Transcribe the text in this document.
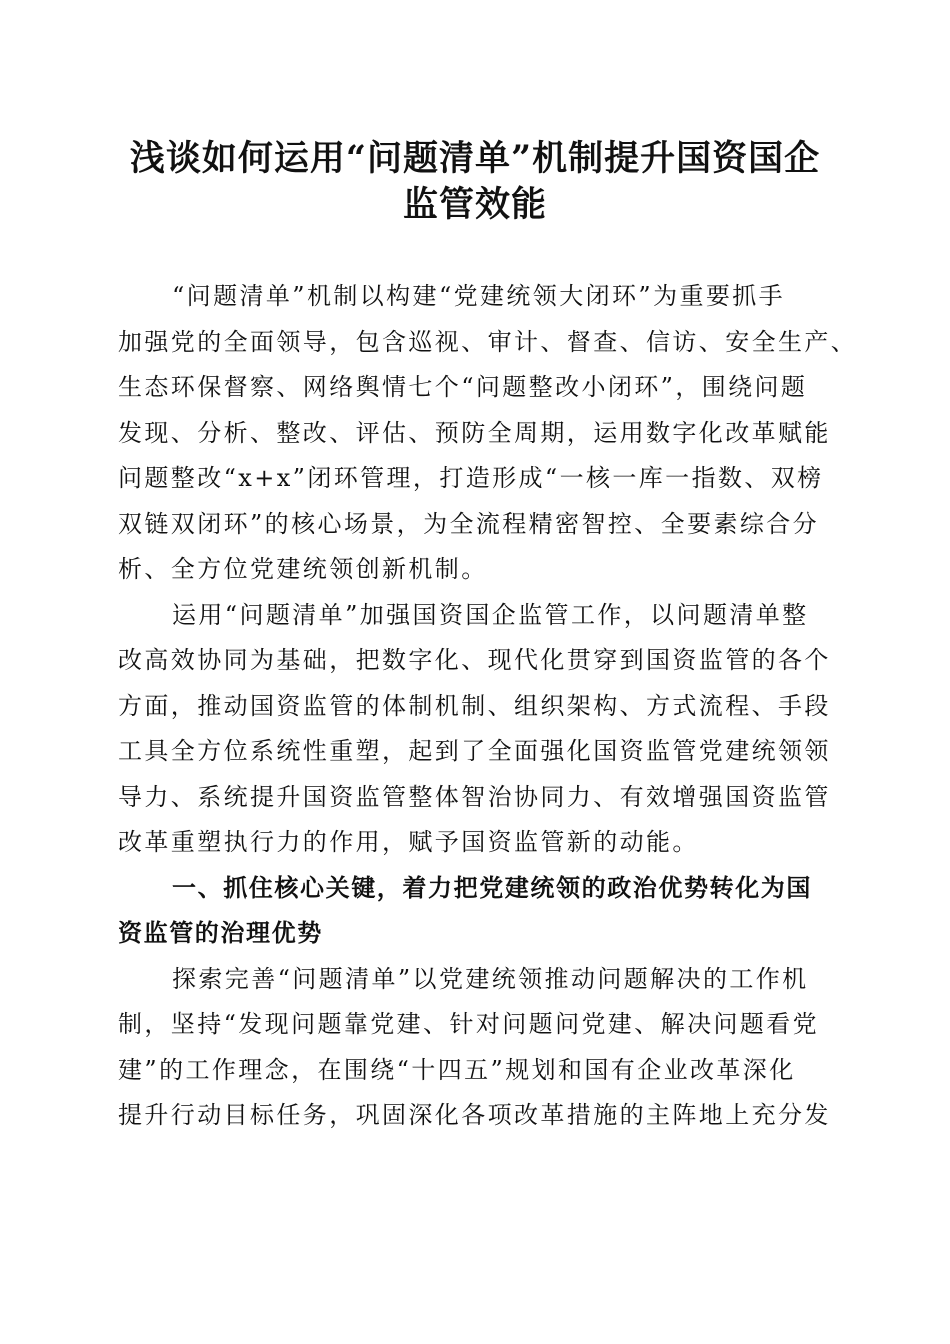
浅谈如何运用“问题清单”机制提升国资国企
监管效能
“问题清单”机制以构建“党建统领大闭环”为重要抓手
加强党的全面领导，包含巡视、审计、督查、信访、安全生产、
生态环保督察、网络舆情七个“问题整改小闭环”，围绕问题
发现、分析、整改、评估、预防全周期，运用数字化改革赋能
问题整改“x+x”闭环管理，打造形成“一核一库一指数、双榜
双链双闭环”的核心场景，为全流程精密智控、全要素综合分
析、全方位党建统领创新机制。
运用“问题清单”加强国资国企监管工作，以问题清单整
改高效协同为基础，把数字化、现代化贯穿到国资监管的各个
方面，推动国资监管的体制机制、组织架构、方式流程、手段
工具全方位系统性重塑，起到了全面强化国资监管党建统领领
导力、系统提升国资监管整体智治协同力、有效增强国资监管
改革重塑执行力的作用，赋予国资监管新的动能。
一、抓住核心关键，着力把党建统领的政治优势转化为国
资监管的治理优势
探索完善“问题清单”以党建统领推动问题解决的工作机
制，坚持“发现问题靠党建、针对问题问党建、解决问题看党
建”的工作理念，在围绕“十四五”规划和国有企业改革深化
提升行动目标任务，巩固深化各项改革措施的主阵地上充分发
